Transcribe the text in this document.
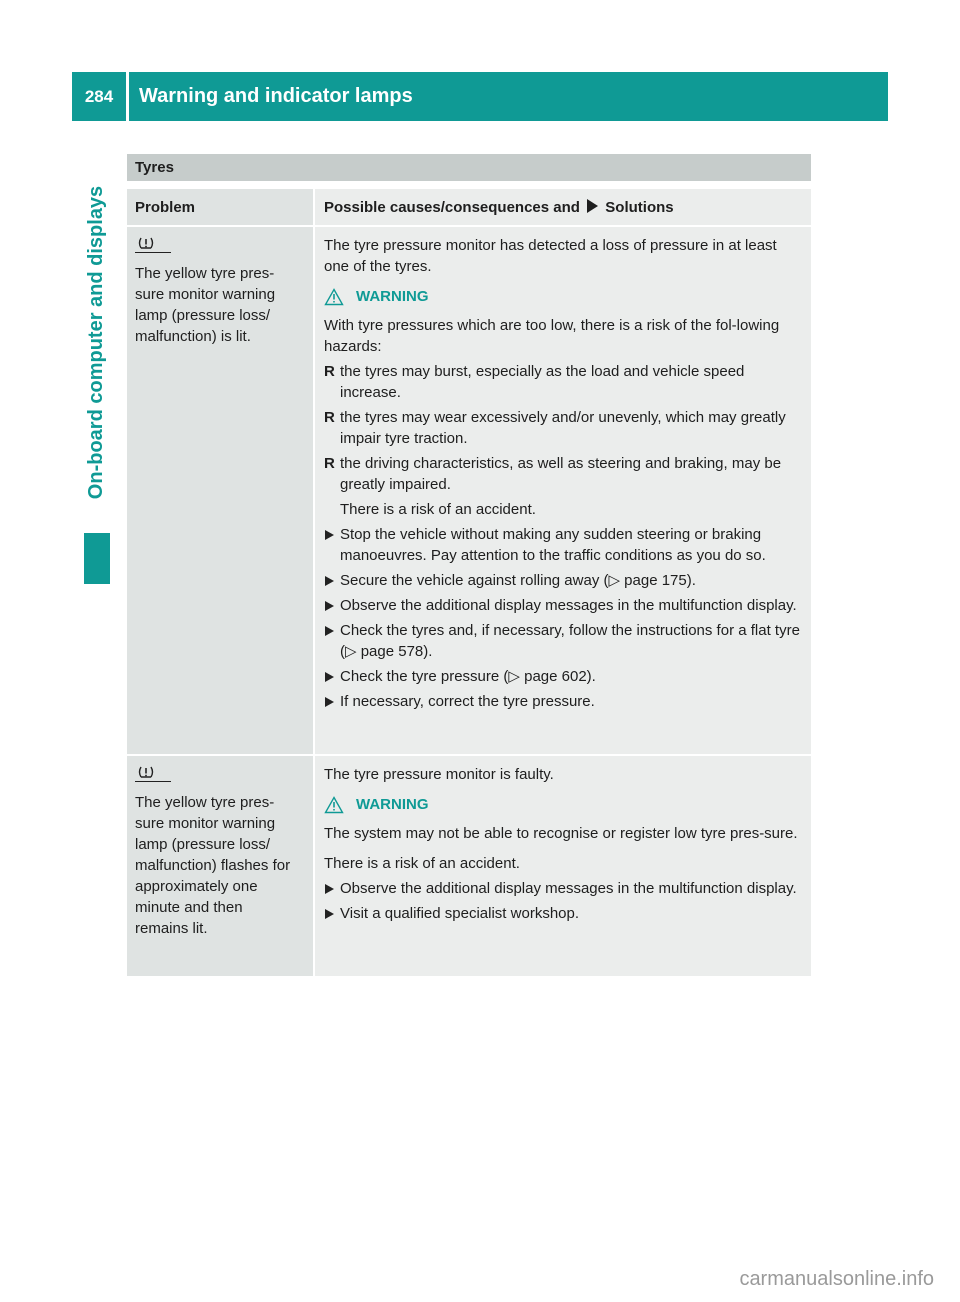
284	Warning and indicator lamps
On-board computer and displays
Tyres
Problem	Possible causes/consequences and Solutions

The yellow tyre pres-
sure monitor warning
lamp (pressure loss/
malfunction) is lit.

The tyre pressure monitor has detected a loss of pressure in at least one of the tyres.

WARNING

With tyre pressures which are too low, there is a risk of the fol-lowing hazards:

R the tyres may burst, especially as the load and vehicle speed increase.
R the tyres may wear excessively and/or unevenly, which may greatly impair tyre traction.
R the driving characteristics, as well as steering and braking, may be greatly impaired.

There is a risk of an accident.

Stop the vehicle without making any sudden steering or braking manoeuvres. Pay attention to the traffic conditions as you do so.
Secure the vehicle against rolling away (▷ page 175).
Observe the additional display messages in the multifunction display.
Check the tyres and, if necessary, follow the instructions for a flat tyre (▷ page 578).
Check the tyre pressure (▷ page 602).
If necessary, correct the tyre pressure.

The yellow tyre pres-
sure monitor warning
lamp (pressure loss/
malfunction) flashes for
approximately one
minute and then
remains lit.

The tyre pressure monitor is faulty.

WARNING

The system may not be able to recognise or register low tyre pres-sure.

There is a risk of an accident.

Observe the additional display messages in the multifunction display.
Visit a qualified specialist workshop.
carmanualsonline.info
